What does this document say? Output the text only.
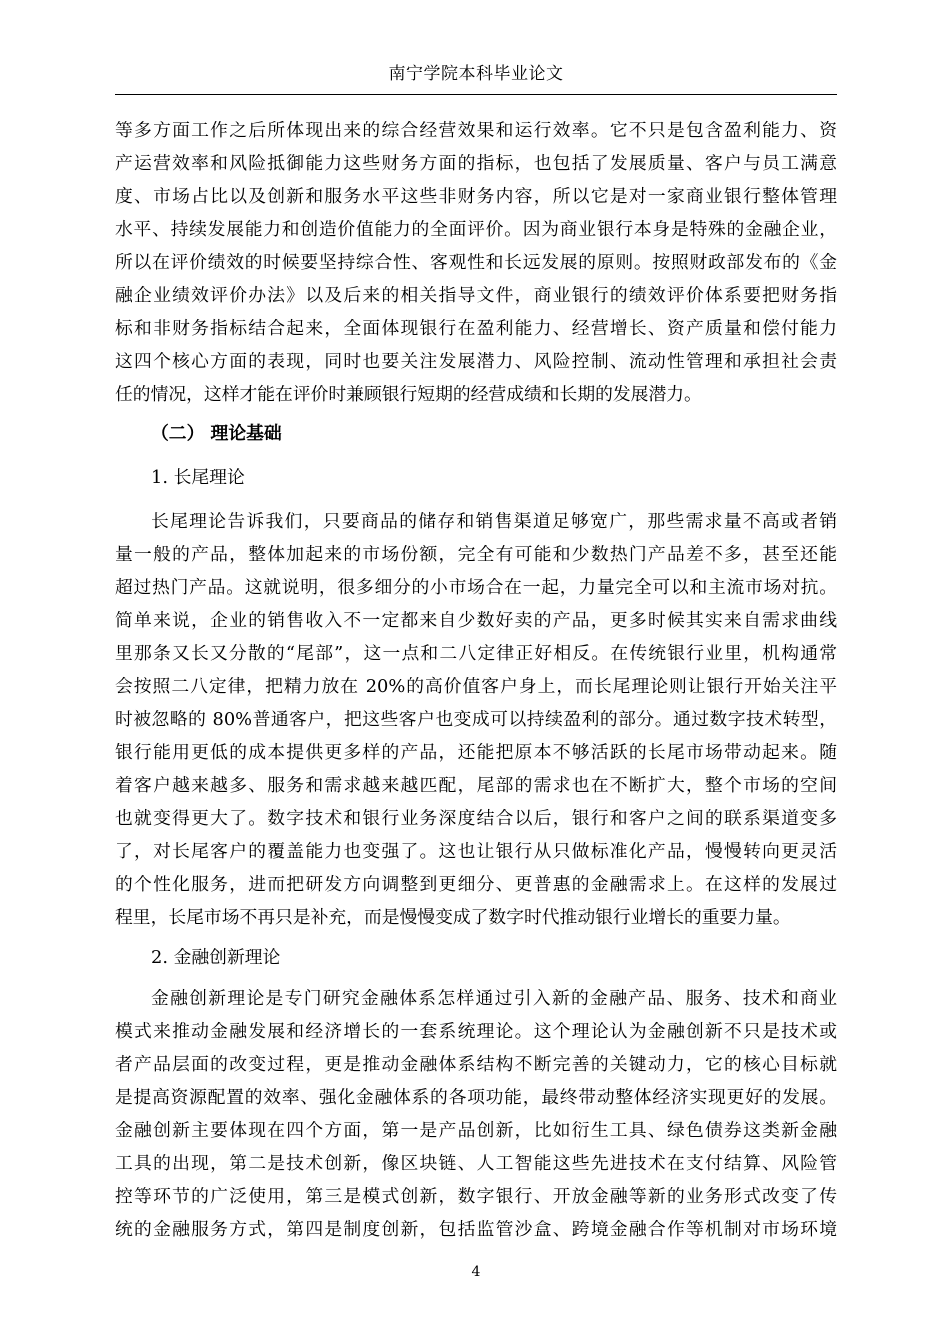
南宁学院本科毕业论文
等多方面工作之后所体现出来的综合经营效果和运行效率。它不只是包含盈利能力、资
产运营效率和风险抵御能力这些财务方面的指标，也包括了发展质量、客户与员工满意
度、市场占比以及创新和服务水平这些非财务内容，所以它是对一家商业银行整体管理
水平、持续发展能力和创造价值能力的全面评价。因为商业银行本身是特殊的金融企业，
所以在评价绩效的时候要坚持综合性、客观性和长远发展的原则。按照财政部发布的《金
融企业绩效评价办法》以及后来的相关指导文件，商业银行的绩效评价体系要把财务指
标和非财务指标结合起来，全面体现银行在盈利能力、经营增长、资产质量和偿付能力
这四个核心方面的表现，同时也要关注发展潜力、风险控制、流动性管理和承担社会责
任的情况，这样才能在评价时兼顾银行短期的经营成绩和长期的发展潜力。
（二） 理论基础
1. 长尾理论
长尾理论告诉我们，只要商品的储存和销售渠道足够宽广，那些需求量不高或者销
量一般的产品，整体加起来的市场份额，完全有可能和少数热门产品差不多，甚至还能
超过热门产品。这就说明，很多细分的小市场合在一起，力量完全可以和主流市场对抗。
简单来说，企业的销售收入不一定都来自少数好卖的产品，更多时候其实来自需求曲线
里那条又长又分散的“尾部”，这一点和二八定律正好相反。在传统银行业里，机构通常
会按照二八定律，把精力放在 20%的高价值客户身上，而长尾理论则让银行开始关注平
时被忽略的 80%普通客户，把这些客户也变成可以持续盈利的部分。通过数字技术转型，
银行能用更低的成本提供更多样的产品，还能把原本不够活跃的长尾市场带动起来。随
着客户越来越多、服务和需求越来越匹配，尾部的需求也在不断扩大，整个市场的空间
也就变得更大了。数字技术和银行业务深度结合以后，银行和客户之间的联系渠道变多
了，对长尾客户的覆盖能力也变强了。这也让银行从只做标准化产品，慢慢转向更灵活
的个性化服务，进而把研发方向调整到更细分、更普惠的金融需求上。在这样的发展过
程里，长尾市场不再只是补充，而是慢慢变成了数字时代推动银行业增长的重要力量。
2. 金融创新理论
金融创新理论是专门研究金融体系怎样通过引入新的金融产品、服务、技术和商业
模式来推动金融发展和经济增长的一套系统理论。这个理论认为金融创新不只是技术或
者产品层面的改变过程，更是推动金融体系结构不断完善的关键动力，它的核心目标就
是提高资源配置的效率、强化金融体系的各项功能，最终带动整体经济实现更好的发展。
金融创新主要体现在四个方面，第一是产品创新，比如衍生工具、绿色债券这类新金融
工具的出现，第二是技术创新，像区块链、人工智能这些先进技术在支付结算、风险管
控等环节的广泛使用，第三是模式创新，数字银行、开放金融等新的业务形式改变了传
统的金融服务方式，第四是制度创新，包括监管沙盒、跨境金融合作等机制对市场环境
4
